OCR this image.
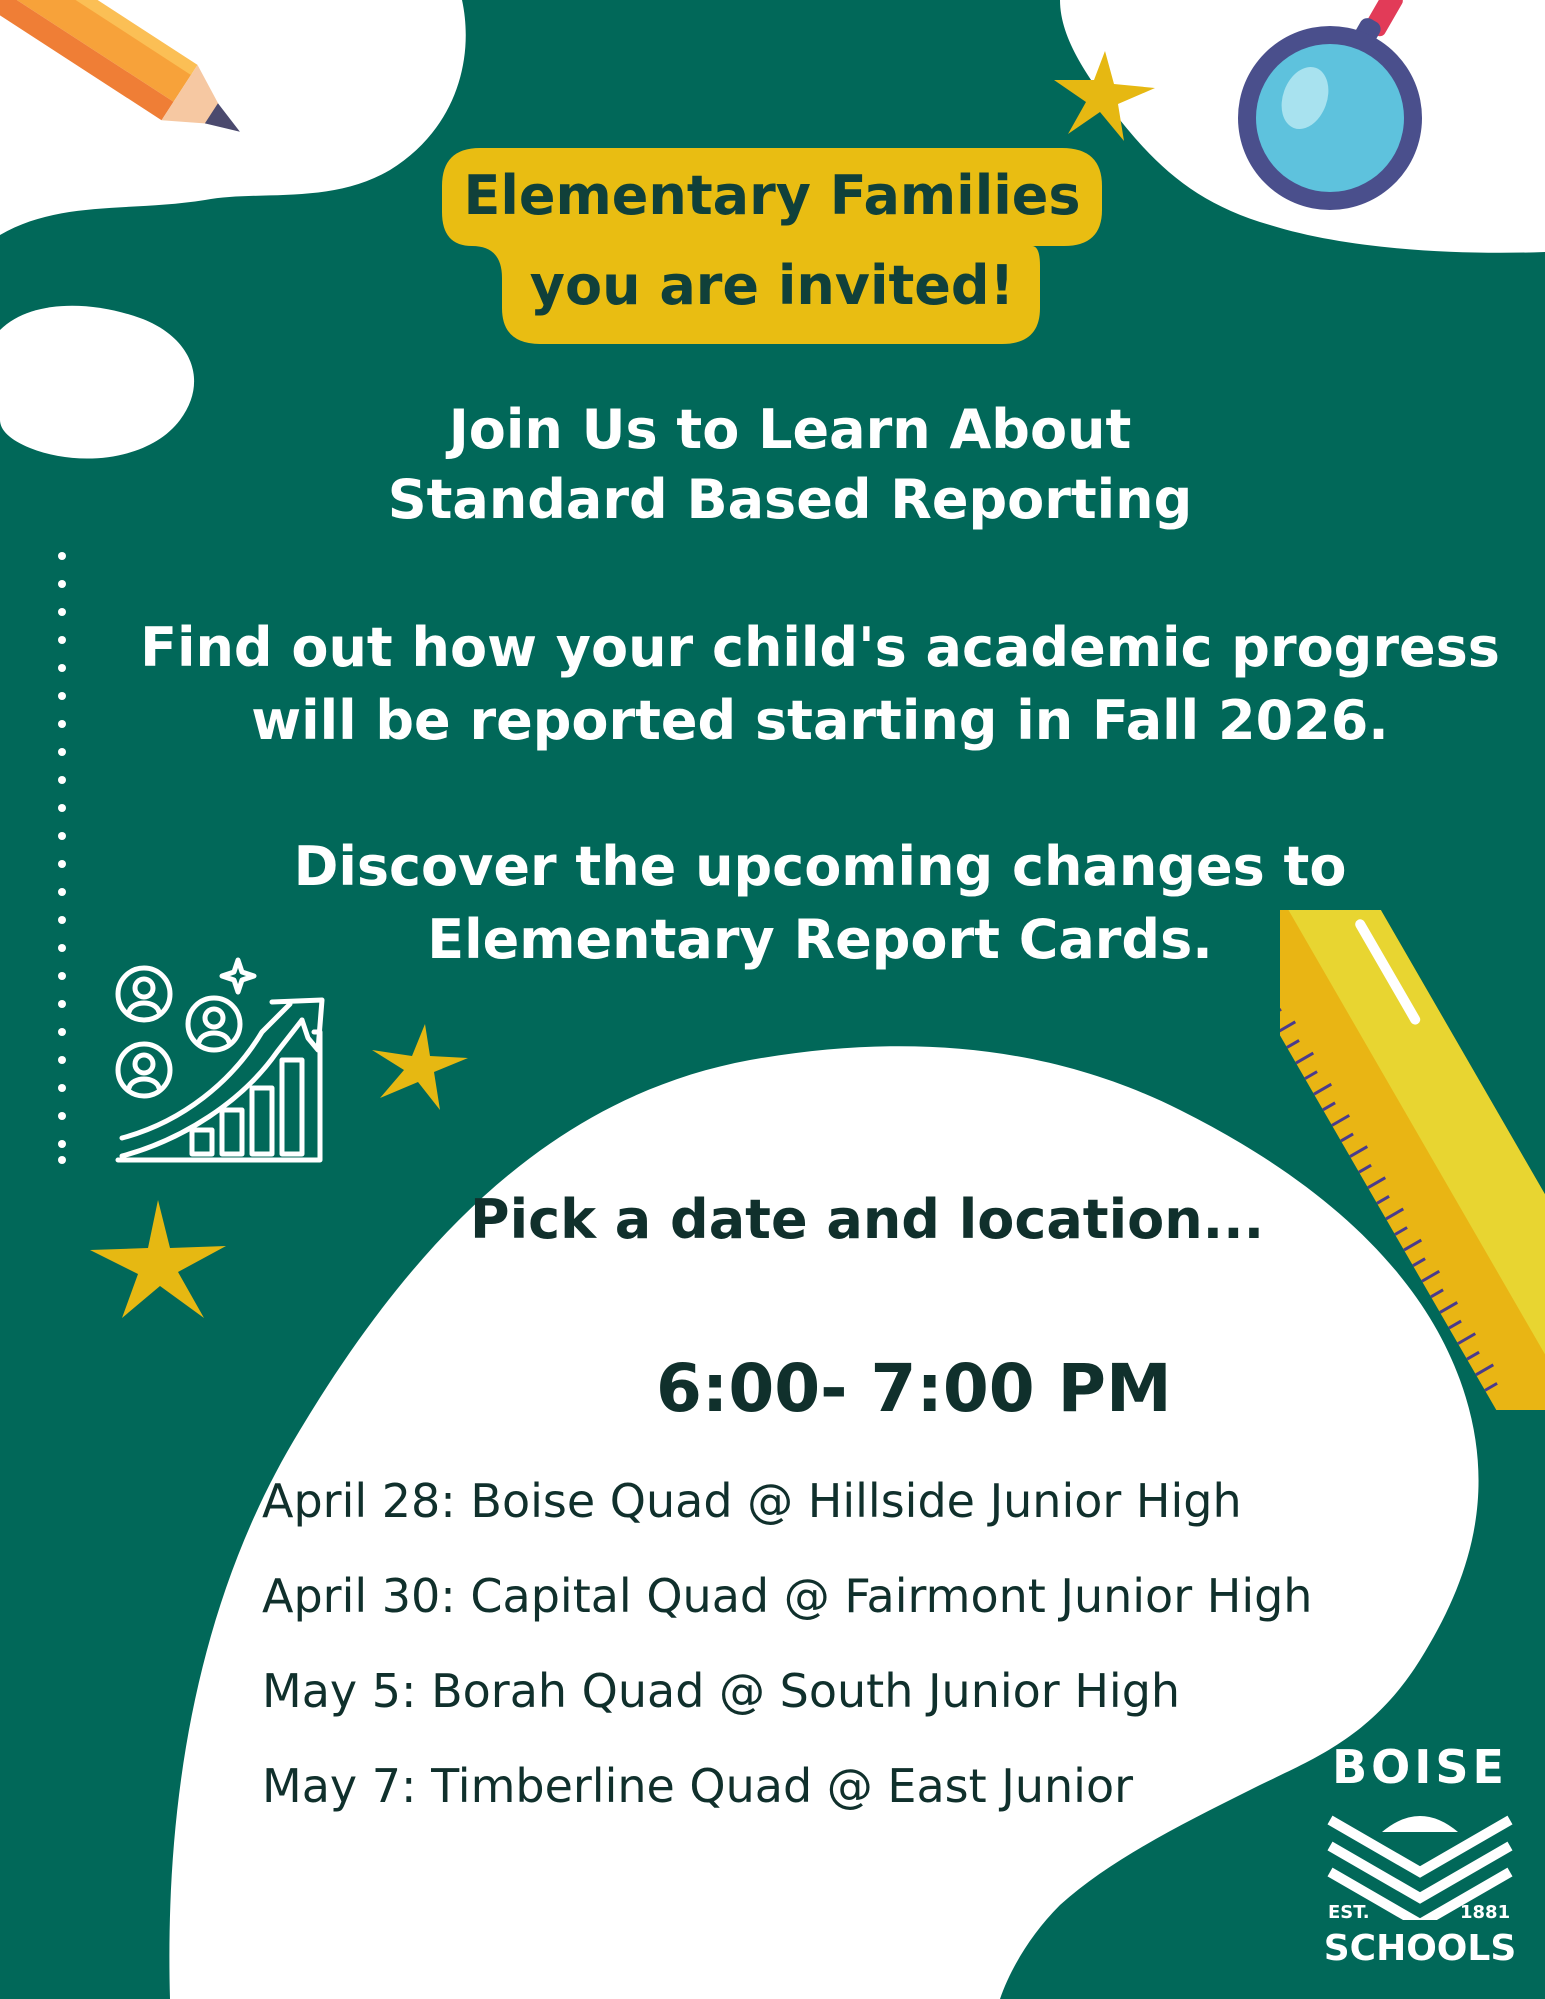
Elementary Families
you are invited!

Join Us to Learn About

Standard Based Reporting

Find out how your child's academic progress

will be reported starting in Fall 2026.

Discover the upcoming changes to

Elementary Report Cards.

Pick a date and location...

6:00- 7:00 PM

April 28: Boise Quad @ Hillside Junior High

April 30: Capital Quad @ Fairmont Junior High

May 5: Borah Quad @ South Junior High

May 7: Timberline Quad @ East Junior	BOISE

EST.	1881

SCHOOLS
